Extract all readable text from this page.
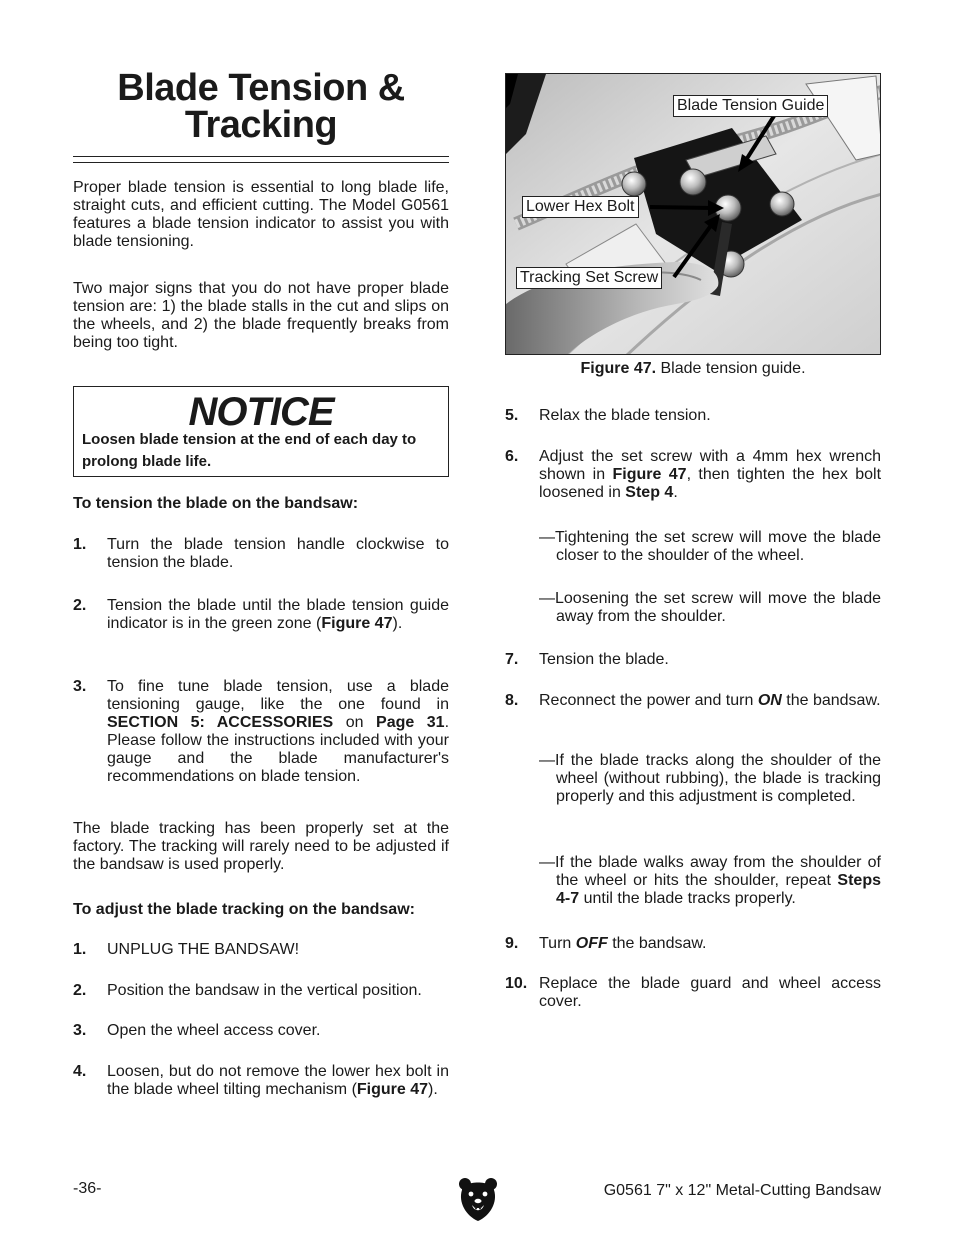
Blade Tension &
Tracking
Proper blade tension is essential to long blade life, straight cuts, and efficient cutting. The Model G0561 features a blade tension indicator to assist you with blade tensioning.
Two major signs that you do not have proper blade tension are: 1) the blade stalls in the cut and slips on the wheels, and 2) the blade frequently breaks from being too tight.
NOTICE
Loosen blade tension at the end of each day to prolong blade life.
To tension the blade on the bandsaw:
1. Turn the blade tension handle clockwise to tension the blade.
2. Tension the blade until the blade tension guide indicator is in the green zone (Figure 47).
3. To fine tune blade tension, use a blade tensioning gauge, like the one found in SECTION 5: ACCESSORIES on Page 31. Please follow the instructions included with your gauge and the blade manufacturer's recommendations on blade tension.
The blade tracking has been properly set at the factory. The tracking will rarely need to be adjusted if the bandsaw is used properly.
To adjust the blade tracking on the bandsaw:
1. UNPLUG THE BANDSAW!
2. Position the bandsaw in the vertical position.
3. Open the wheel access cover.
4. Loosen, but do not remove the lower hex bolt in the blade wheel tilting mechanism (Figure 47).
Blade Tension Guide
Lower Hex Bolt
Tracking Set Screw
Figure 47. Blade tension guide.
5. Relax the blade tension.
6. Adjust the set screw with a 4mm hex wrench shown in Figure 47, then tighten the hex bolt loosened in Step 4.
—Tightening the set screw will move the blade closer to the shoulder of the wheel.
—Loosening the set screw will move the blade away from the shoulder.
7. Tension the blade.
8. Reconnect the power and turn ON the bandsaw.
—If the blade tracks along the shoulder of the wheel (without rubbing), the blade is tracking properly and this adjustment is completed.
—If the blade walks away from the shoulder of the wheel or hits the shoulder, repeat Steps 4-7 until the blade tracks properly.
9. Turn OFF the bandsaw.
10. Replace the blade guard and wheel access cover.
-36-	G0561 7" x 12" Metal-Cutting Bandsaw
